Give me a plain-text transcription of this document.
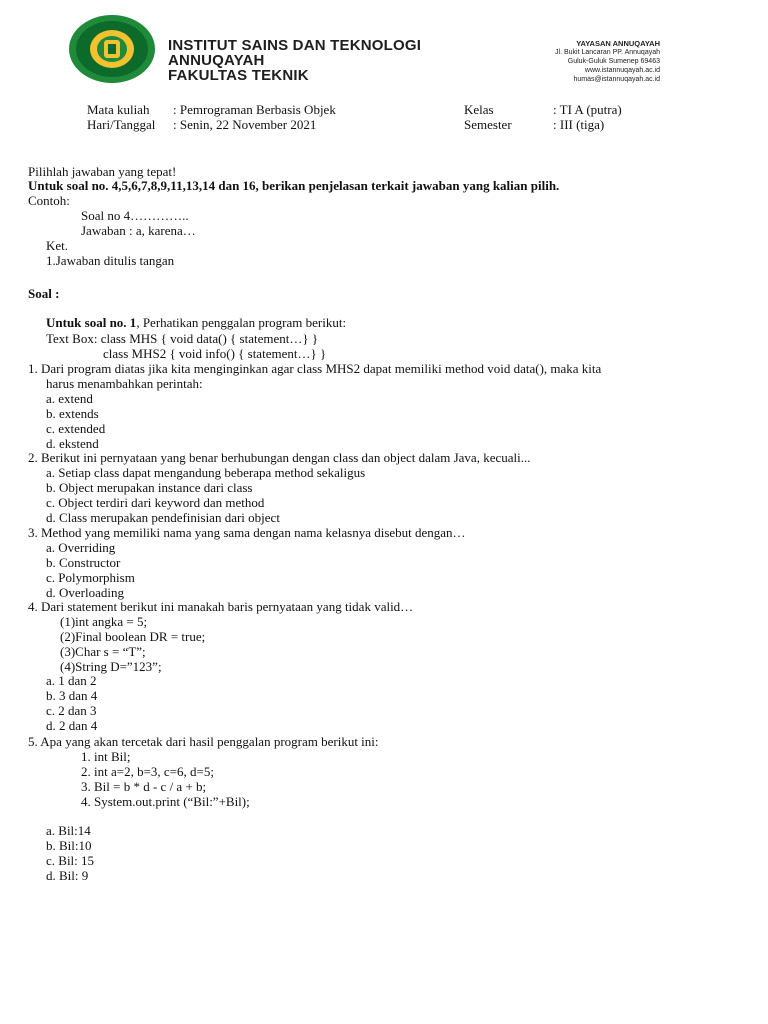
INSTITUT SAINS DAN TEKNOLOGI
ANNUQAYAH
FAKULTAS TEKNIK
YAYASAN ANNUQAYAH
Jl. Bukit Lancaran PP. Annuqayah
Guluk-Guluk Sumenep 69463
www.istannuqayah.ac.id
humas@istannuqayah.ac.id
Mata kuliah : Pemrograman Berbasis Objek
Hari/Tanggal : Senin, 22 November 2021
Kelas	: TI A (putra)
Semester	: III (tiga)
Pilihlah jawaban yang tepat!
Untuk soal no. 4,5,6,7,8,9,11,13,14 dan 16, berikan penjelasan terkait jawaban yang kalian pilih.
Contoh:
Soal no 4…………..
Jawaban : a, karena…
Ket.
1.Jawaban ditulis tangan
Soal :
Untuk soal no. 1, Perhatikan penggalan program berikut:
Text Box: class MHS { void data() { statement…} }
class MHS2 { void info() { statement…} }
1. Dari program diatas jika kita menginginkan agar class MHS2 dapat memiliki method void data(), maka kita
harus menambahkan perintah:
a. extend
b. extends
c. extended
d. ekstend
2. Berikut ini pernyataan yang benar berhubungan dengan class dan object dalam Java, kecuali...
a. Setiap class dapat mengandung beberapa method sekaligus
b. Object merupakan instance dari class
c. Object terdiri dari keyword dan method
d. Class merupakan pendefinisian dari object
3. Method yang memiliki nama yang sama dengan nama kelasnya disebut dengan…
a. Overriding
b. Constructor
c. Polymorphism
d. Overloading
4. Dari statement berikut ini manakah baris pernyataan yang tidak valid…
(1)int angka = 5;
(2)Final boolean DR = true;
(3)Char s = “T”;
(4)String D=”123”;
a. 1 dan 2
b. 3 dan 4
c. 2 dan 3
d. 2 dan 4
5. Apa yang akan tercetak dari hasil penggalan program berikut ini:
1. int Bil;
2. int a=2, b=3, c=6, d=5;
3. Bil = b * d - c / a + b;
4. System.out.print (“Bil:”+Bil);
a. Bil:14
b. Bil:10
c. Bil: 15
d. Bil: 9
